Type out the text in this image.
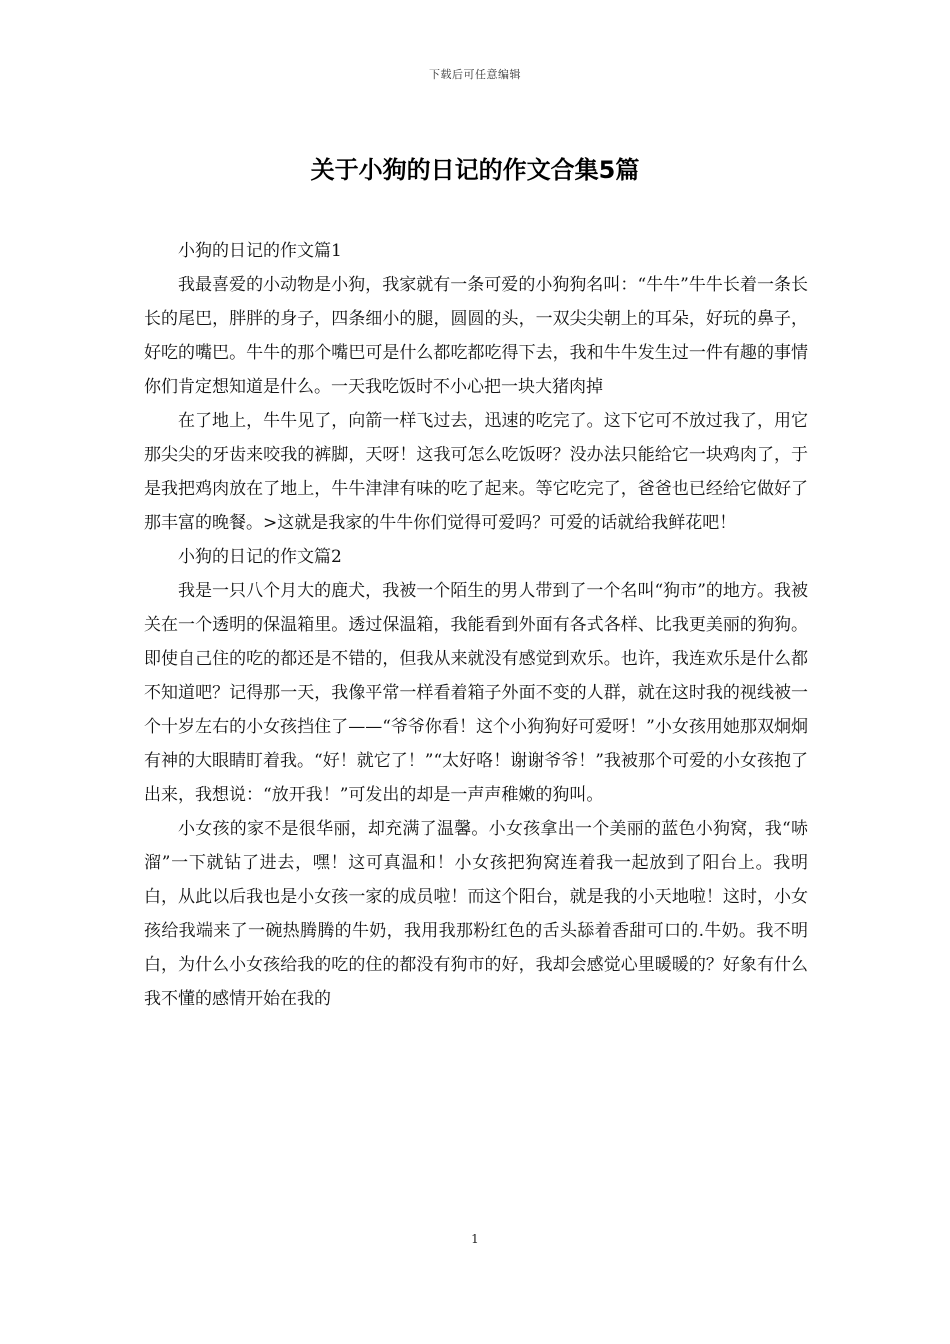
下载后可任意编辑
关于小狗的日记的作文合集5篇

小狗的日记的作文篇1

我最喜爱的小动物是小狗，我家就有一条可爱的小狗狗名叫：“牛牛”牛牛长着一条长长的尾巴，胖胖的身子，四条细小的腿，圆圆的头，一双尖尖朝上的耳朵，好玩的鼻子，好吃的嘴巴。牛牛的那个嘴巴可是什么都吃都吃得下去，我和牛牛发生过一件有趣的事情你们肯定想知道是什么。一天我吃饭时不小心把一块大猪肉掉

在了地上，牛牛见了，向箭一样飞过去，迅速的吃完了。这下它可不放过我了，用它那尖尖的牙齿来咬我的裤脚，天呀！这我可怎么吃饭呀？没办法只能给它一块鸡肉了，于是我把鸡肉放在了地上，牛牛津津有味的吃了起来。等它吃完了，爸爸也已经给它做好了那丰富的晚餐。>这就是我家的牛牛你们觉得可爱吗？可爱的话就给我鲜花吧！

小狗的日记的作文篇2

我是一只八个月大的鹿犬，我被一个陌生的男人带到了一个名叫“狗市”的地方。我被关在一个透明的保温箱里。透过保温箱，我能看到外面有各式各样、比我更美丽的狗狗。即使自己住的吃的都还是不错的，但我从来就没有感觉到欢乐。也许，我连欢乐是什么都不知道吧？记得那一天，我像平常一样看着箱子外面不变的人群，就在这时我的视线被一个十岁左右的小女孩挡住了——“爷爷你看！这个小狗狗好可爱呀！”小女孩用她那双炯炯有神的大眼睛盯着我。“好！就它了！”“太好咯！谢谢爷爷！”我被那个可爱的小女孩抱了出来，我想说：“放开我！”可发出的却是一声声稚嫩的狗叫。

小女孩的家不是很华丽，却充满了温馨。小女孩拿出一个美丽的蓝色小狗窝，我“哧溜”一下就钻了进去，嘿！这可真温和！小女孩把狗窝连着我一起放到了阳台上。我明白，从此以后我也是小女孩一家的成员啦！而这个阳台，就是我的小天地啦！这时，小女孩给我端来了一碗热腾腾的牛奶，我用我那粉红色的舌头舔着香甜可口的.牛奶。我不明白，为什么小女孩给我的吃的住的都没有狗市的好，我却会感觉心里暖暖的？好象有什么我不懂的感情开始在我的

1
